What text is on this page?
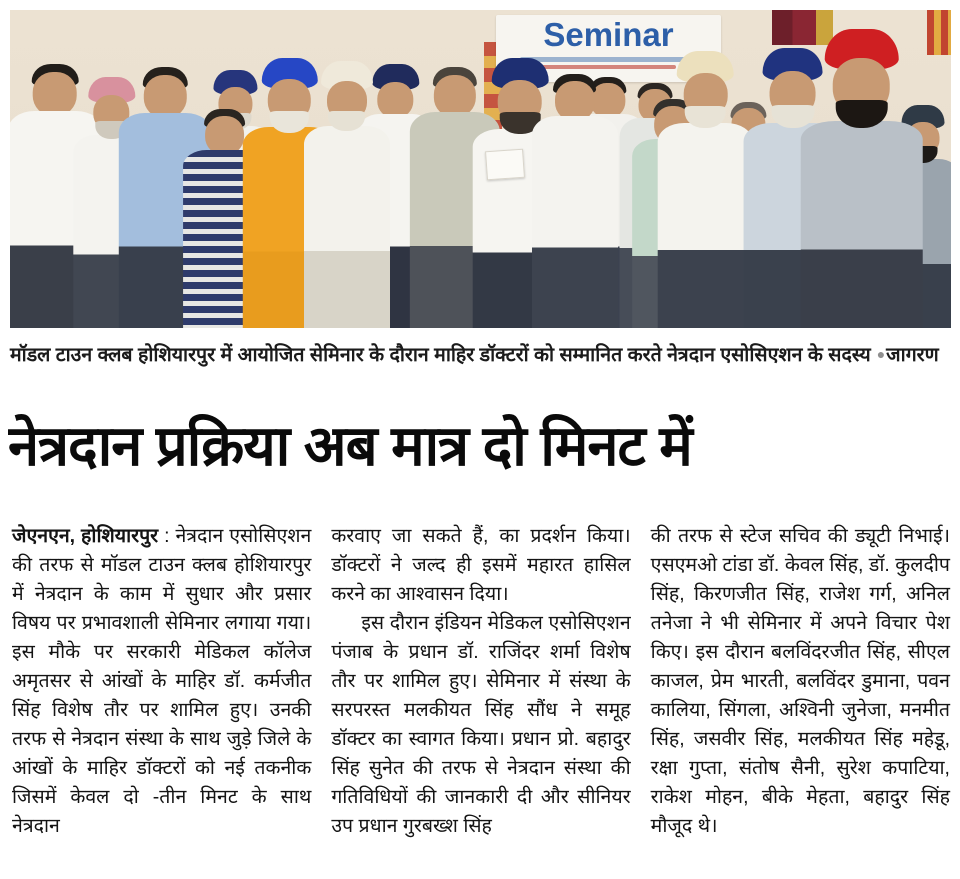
Seminar
मॉडल टाउन क्लब होशियारपुर में आयोजित सेमिनार के दौरान माहिर डॉक्टरों को सम्मानित करते नेत्रदान एसोसिएशन के सदस्य ●जागरण
नेत्रदान प्रक्रिया अब मात्र दो मिनट में

जेएनएन, होशियारपुर : नेत्रदान एसोसिएशन की तरफ से मॉडल टाउन क्लब होशियारपुर में नेत्रदान के काम में सुधार और प्रसार विषय पर प्रभावशाली सेमिनार लगाया गया। इस मौके पर सरकारी मेडिकल कॉलेज अमृतसर से आंखों के माहिर डॉ. कर्मजीत सिंह विशेष तौर पर शामिल हुए। उनकी तरफ से नेत्रदान संस्था के साथ जुड़े जिले के आंखों के माहिर डॉक्टरों को नई तकनीक जिसमें केवल दो -तीन मिनट के साथ नेत्रदान

करवाए जा सकते हैं, का प्रदर्शन किया। डॉक्टरों ने जल्द ही इसमें महारत हासिल करने का आश्वासन दिया।

इस दौरान इंडियन मेडिकल एसोसिएशन पंजाब के प्रधान डॉ. राजिंदर शर्मा विशेष तौर पर शामिल हुए। सेमिनार में संस्था के सरपरस्त मलकीयत सिंह सौंध ने समूह डॉक्टर का स्वागत किया। प्रधान प्रो. बहादुर सिंह सुनेत की तरफ से नेत्रदान संस्था की गतिविधियों की जानकारी दी और सीनियर उप प्रधान गुरबख्श सिंह

की तरफ से स्टेज सचिव की ड्यूटी निभाई। एसएमओ टांडा डॉ. केवल सिंह, डॉ. कुलदीप सिंह, किरणजीत सिंह, राजेश गर्ग, अनिल तनेजा ने भी सेमिनार में अपने विचार पेश किए। इस दौरान बलविंदरजीत सिंह, सीएल काजल, प्रेम भारती, बलविंदर डुमाना, पवन कालिया, सिंगला, अश्विनी जुनेजा, मनमीत सिंह, जसवीर सिंह, मलकीयत सिंह महेडू, रक्षा गुप्ता, संतोष सैनी, सुरेश कपाटिया, राकेश मोहन, बीके मेहता, बहादुर सिंह मौजूद थे।
